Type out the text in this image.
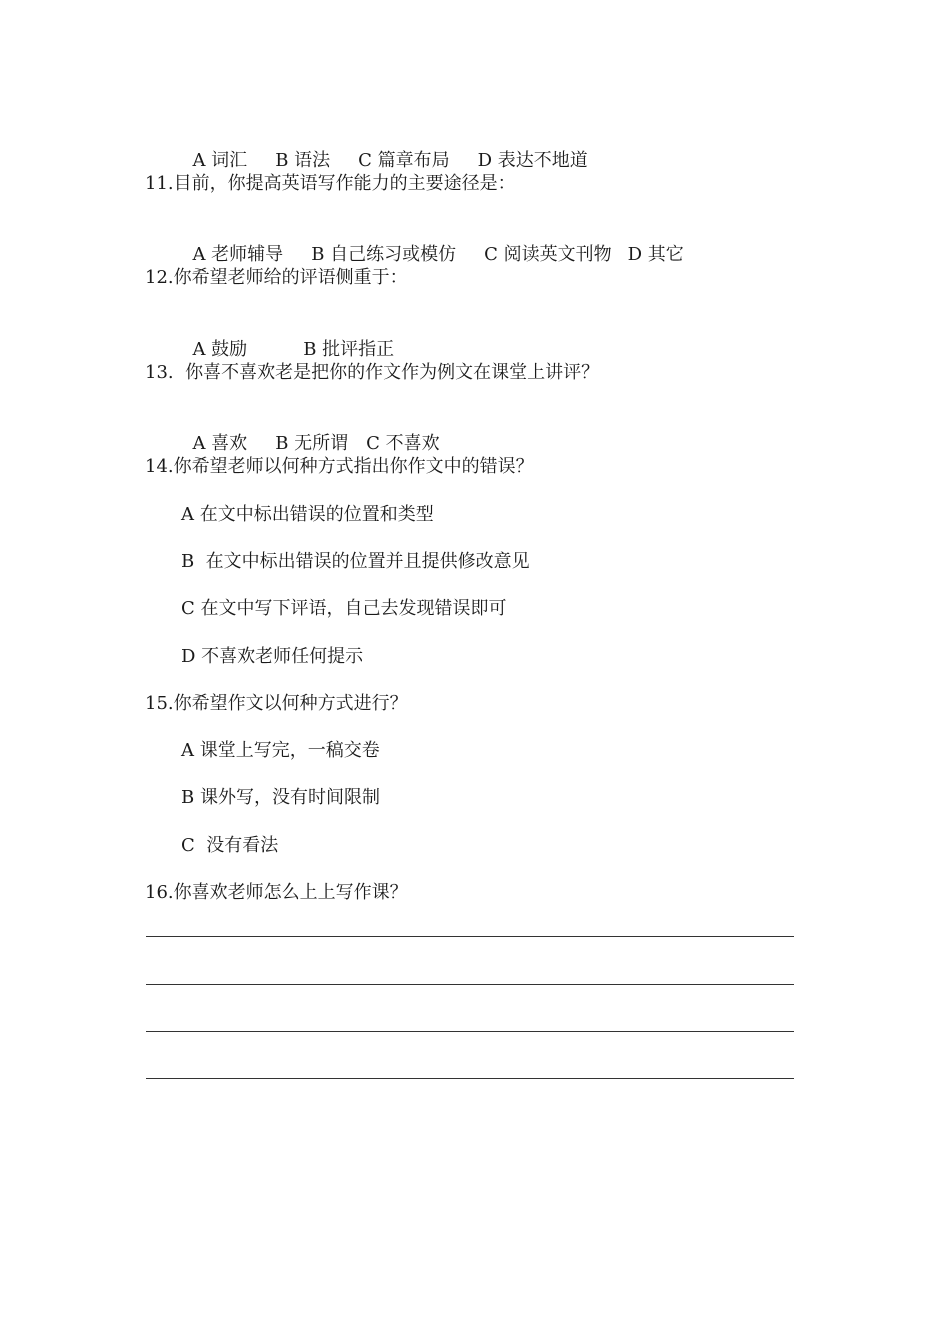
A 词汇 B 语法 C 篇章布局 D 表达不地道

11.目前，你提高英语写作能力的主要途径是：

A 老师辅导 B 自己练习或模仿 C 阅读英文刊物 D 其它

12.你希望老师给的评语侧重于：

A 鼓励	B 批评指正

13.  你喜不喜欢老是把你的作文作为例文在课堂上讲评？

A 喜欢 B 无所谓 C 不喜欢

14.你希望老师以何种方式指出你作文中的错误？
A 在文中标出错误的位置和类型
B  在文中标出错误的位置并且提供修改意见
C 在文中写下评语，自己去发现错误即可
D 不喜欢老师任何提示
15.你希望作文以何种方式进行？
A 课堂上写完，一稿交卷
B 课外写，没有时间限制
C  没有看法
16.你喜欢老师怎么上上写作课？
